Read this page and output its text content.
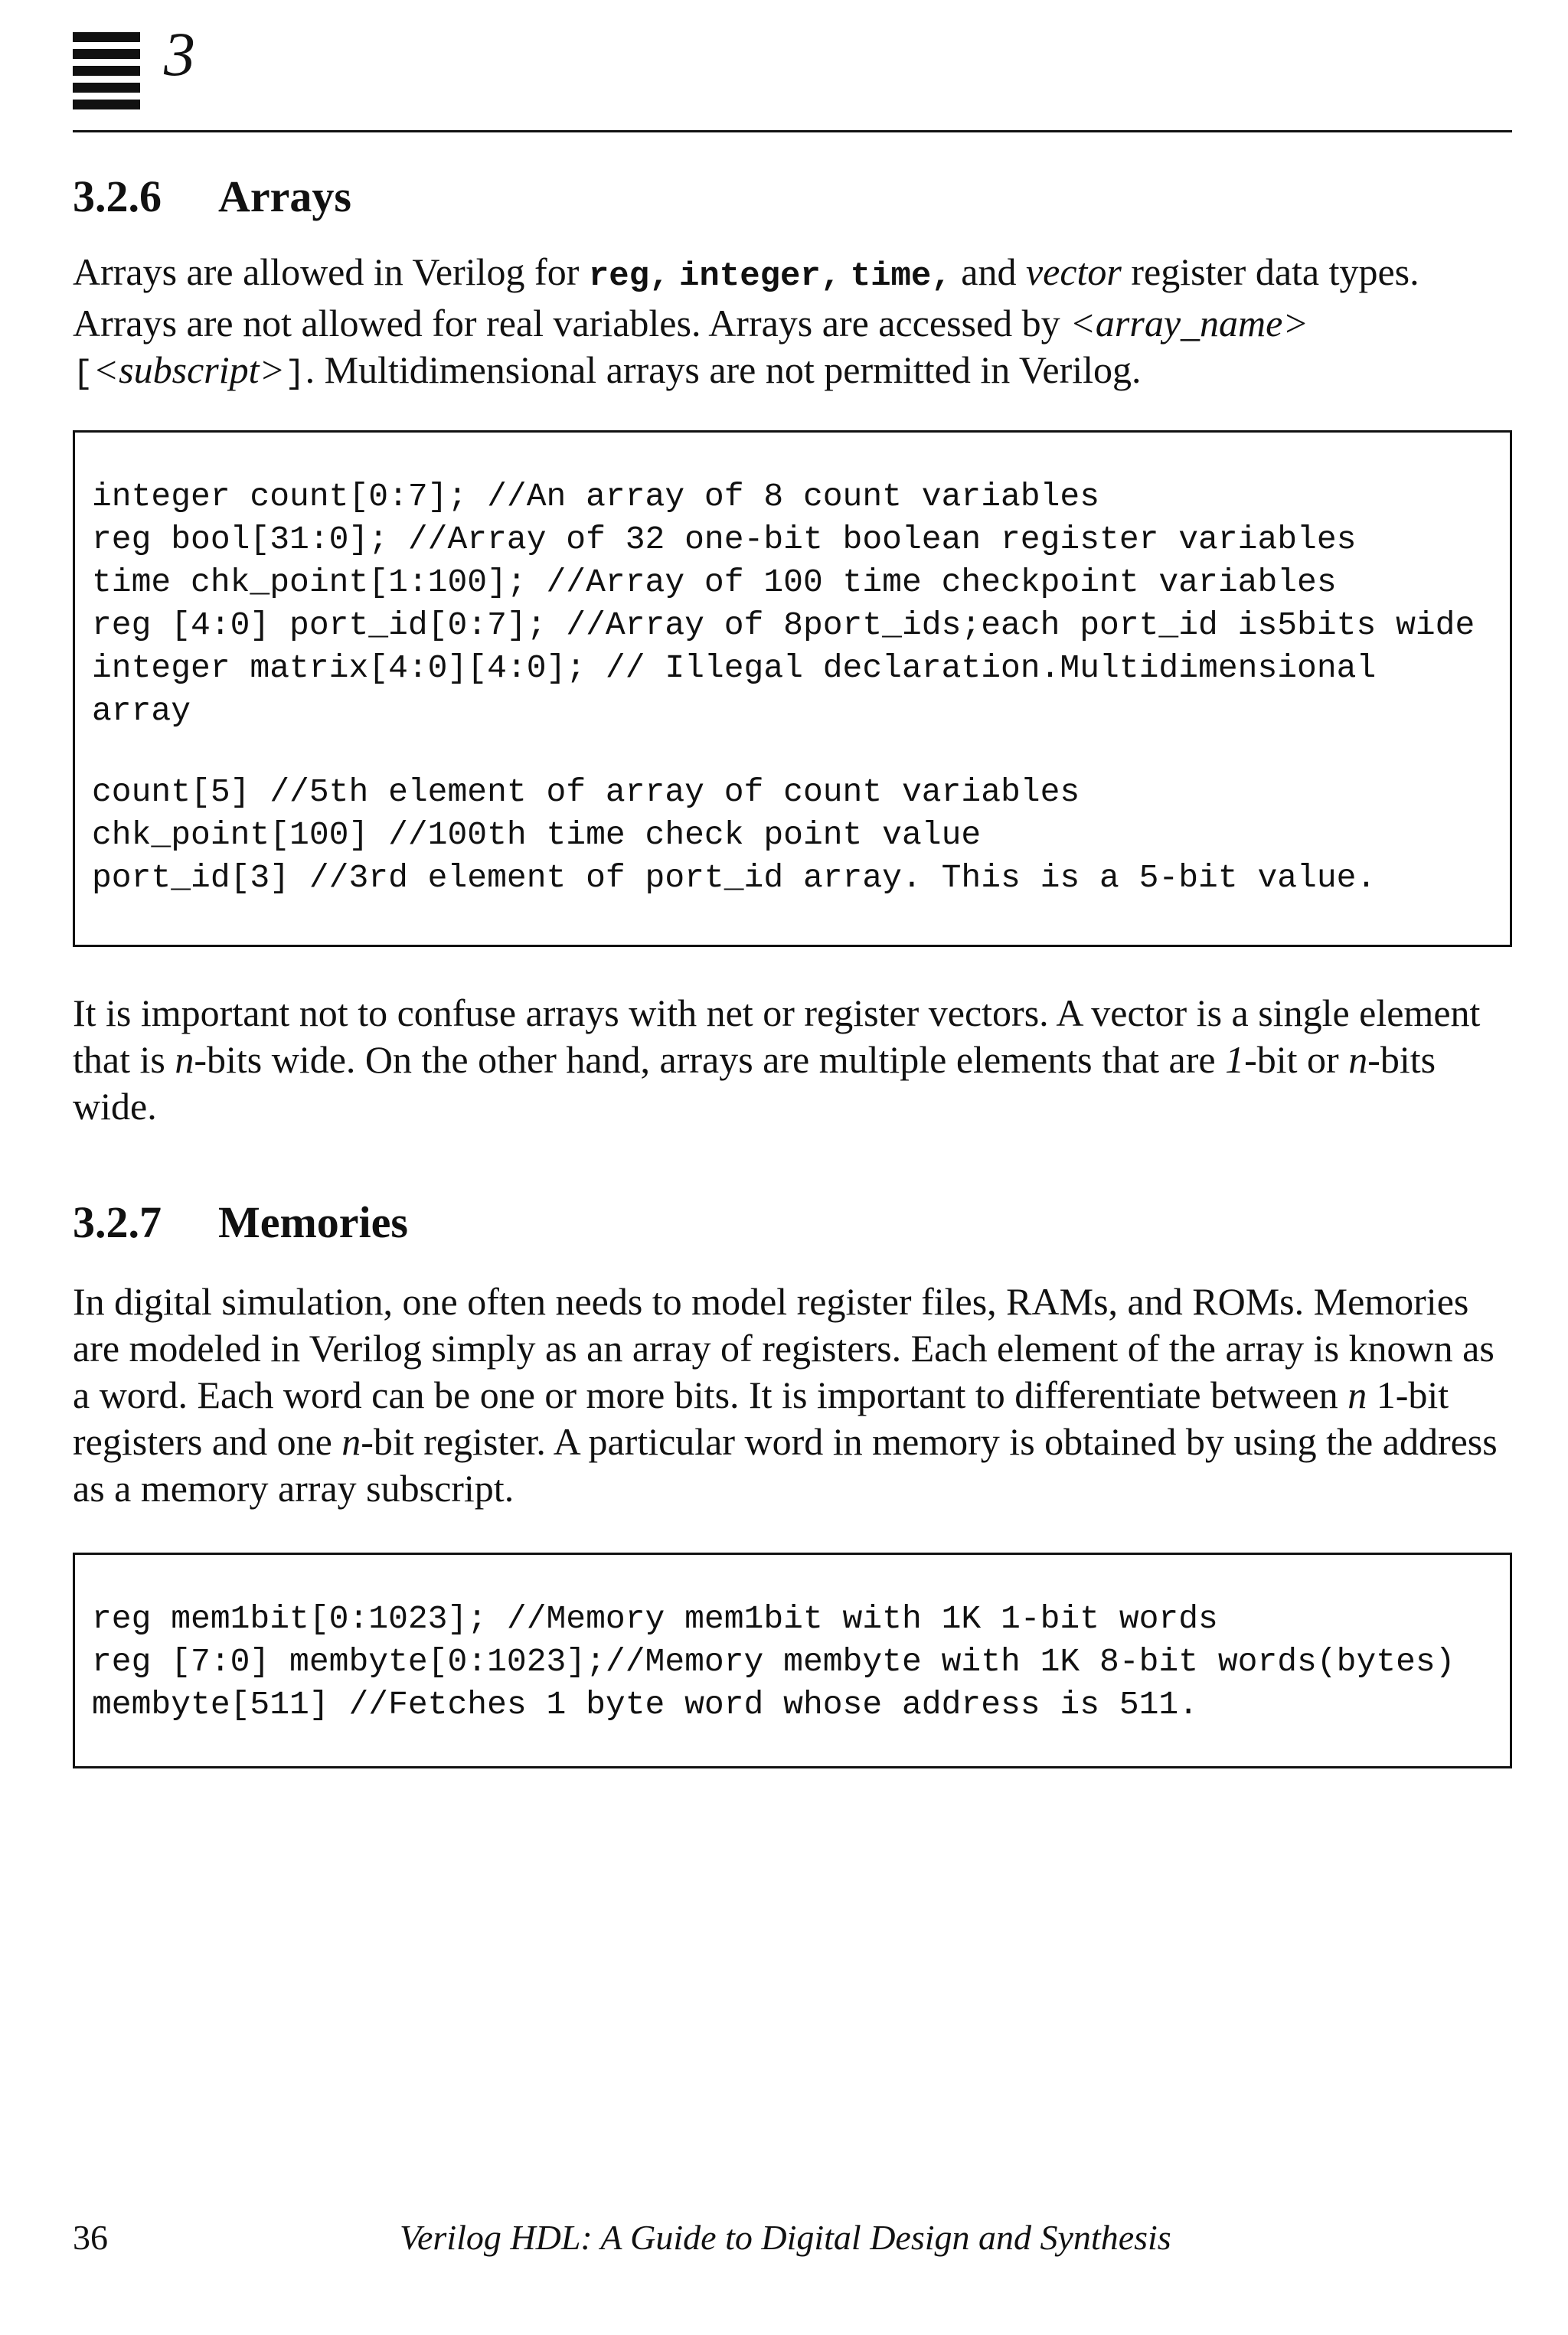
3
3.2.6 Arrays

Arrays are allowed in Verilog for reg, integer, time, and vector register data types. Arrays are not allowed for real variables. Arrays are accessed by <array_name> [<subscript>]. Multidimensional arrays are not permitted in Verilog.

integer count[0:7]; //An array of 8 count variables
reg bool[31:0]; //Array of 32 one-bit boolean register variables
time chk_point[1:100]; //Array of 100 time checkpoint variables
reg [4:0] port_id[0:7]; //Array of 8port_ids;each port_id is5bits wide
integer matrix[4:0][4:0]; // Illegal declaration.Multidimensional
array
count[5] //5th element of array of count variables
chk_point[100] //100th time check point value
port_id[3] //3rd element of port_id array. This is a 5-bit value.

It is important not to confuse arrays with net or register vectors. A vector is a single element that is n-bits wide. On the other hand, arrays are multiple elements that are 1-bit or n-bits wide.

3.2.7 Memories

In digital simulation, one often needs to model register files, RAMs, and ROMs. Memories are modeled in Verilog simply as an array of registers. Each element of the array is known as a word. Each word can be one or more bits. It is important to differentiate between n 1-bit registers and one n-bit register. A particular word in memory is obtained by using the address as a memory array subscript.

reg mem1bit[0:1023]; //Memory mem1bit with 1K 1-bit words
reg [7:0] membyte[0:1023];//Memory membyte with 1K 8-bit words(bytes)
membyte[511] //Fetches 1 byte word whose address is 511.
36	Verilog HDL: A Guide to Digital Design and Synthesis
